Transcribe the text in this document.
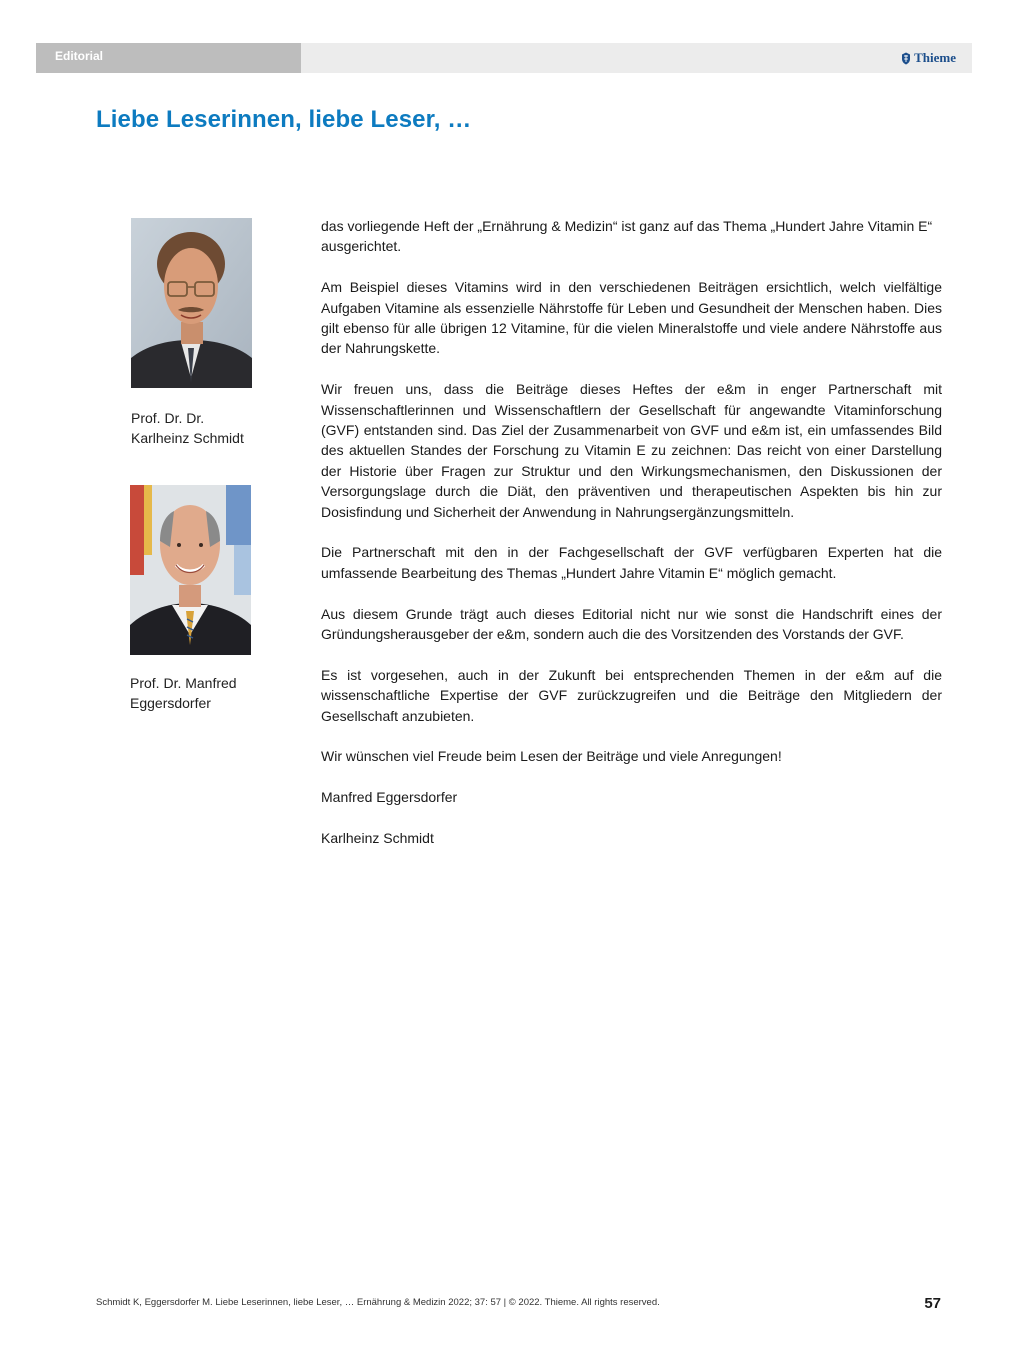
Editorial	Thieme
Liebe Leserinnen, liebe Leser, …
Prof. Dr. Dr.
Karlheinz Schmidt
Prof. Dr. Manfred
Eggersdorfer

das vorliegende Heft der „Ernährung & Medizin“ ist ganz auf das Thema „Hundert Jahre Vitamin E“ ausgerichtet.

Am Beispiel dieses Vitamins wird in den verschiedenen Beiträgen ersichtlich, welch vielfältige Aufgaben Vitamine als essenzielle Nährstoffe für Leben und Gesundheit der Menschen haben. Dies gilt ebenso für alle übrigen 12 Vitamine, für die vielen Mineralstoffe und viele andere Nährstoffe aus der Nahrungskette.

Wir freuen uns, dass die Beiträge dieses Heftes der e&m in enger Partnerschaft mit Wissenschaftlerinnen und Wissenschaftlern der Gesellschaft für angewandte Vitaminforschung (GVF) entstanden sind. Das Ziel der Zusammenarbeit von GVF und e&m ist, ein umfassendes Bild des aktuellen Standes der Forschung zu Vitamin E zu zeichnen: Das reicht von einer Darstellung der Historie über Fragen zur Struktur und den Wirkungsmechanismen, den Diskussionen der Versorgungslage durch die Diät, den präventiven und therapeutischen Aspekten bis hin zur Dosisfindung und Sicherheit der Anwendung in Nahrungsergänzungsmitteln.

Die Partnerschaft mit den in der Fachgesellschaft der GVF verfügbaren Experten hat die umfassende Bearbeitung des Themas „Hundert Jahre Vitamin E“ möglich gemacht.

Aus diesem Grunde trägt auch dieses Editorial nicht nur wie sonst die Handschrift eines der Gründungsherausgeber der e&m, sondern auch die des Vorsitzenden des Vorstands der GVF.

Es ist vorgesehen, auch in der Zukunft bei entsprechenden Themen in der e&m auf die wissenschaftliche Expertise der GVF zurückzugreifen und die Beiträge den Mitgliedern der Gesellschaft anzubieten.

Wir wünschen viel Freude beim Lesen der Beiträge und viele Anregungen!

Manfred Eggersdorfer

Karlheinz Schmidt

Schmidt K, Eggersdorfer M. Liebe Leserinnen, liebe Leser, … Ernährung & Medizin 2022; 37: 57 | © 2022. Thieme. All rights reserved.	57
